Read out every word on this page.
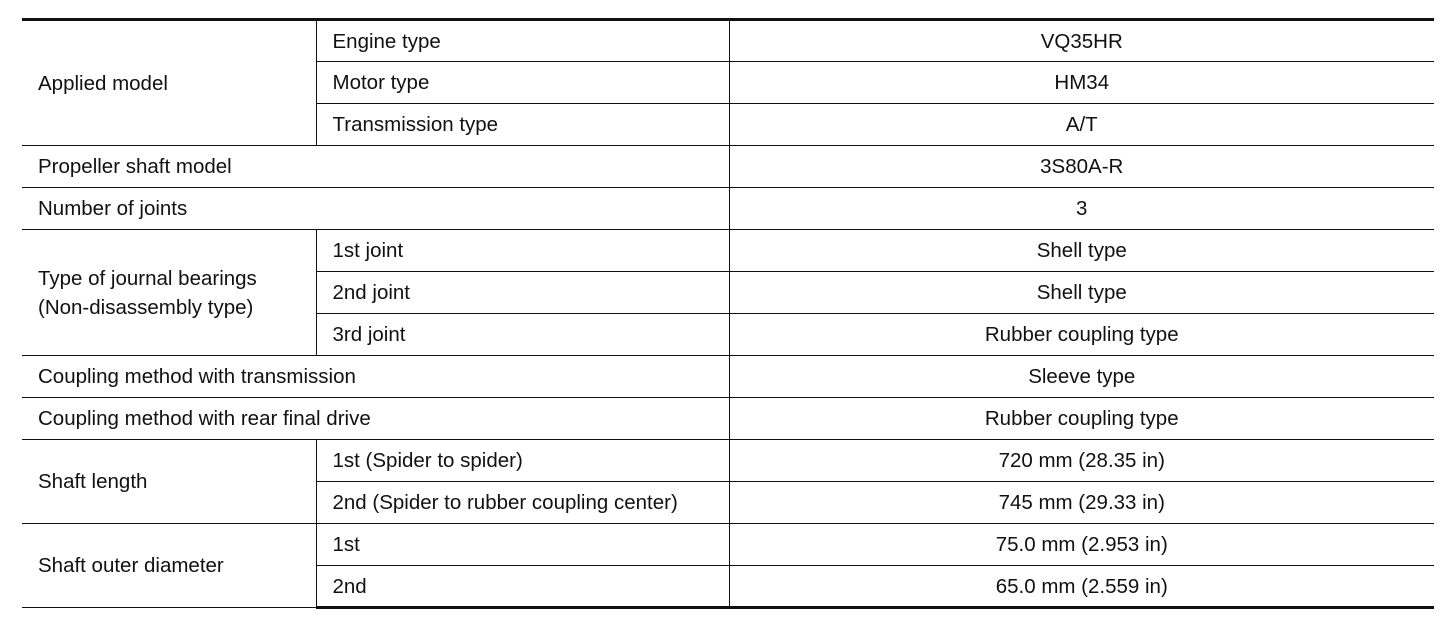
Applied model	Engine type	VQ35HR
	Motor type	HM34
	Transmission type	A/T
Propeller shaft model		3S80A-R
Number of joints		3

Type of journal bearings
(Non-disassembly type)	1st joint	Shell type
	2nd joint	Shell type
	3rd joint	Rubber coupling type
Coupling method with transmission		Sleeve type
Coupling method with rear final drive		Rubber coupling type
Shaft length	1st (Spider to spider)	720 mm (28.35 in)
	2nd (Spider to rubber coupling center)	745 mm (29.33 in)
Shaft outer diameter	1st	75.0 mm (2.953 in)
	2nd	65.0 mm (2.559 in)
